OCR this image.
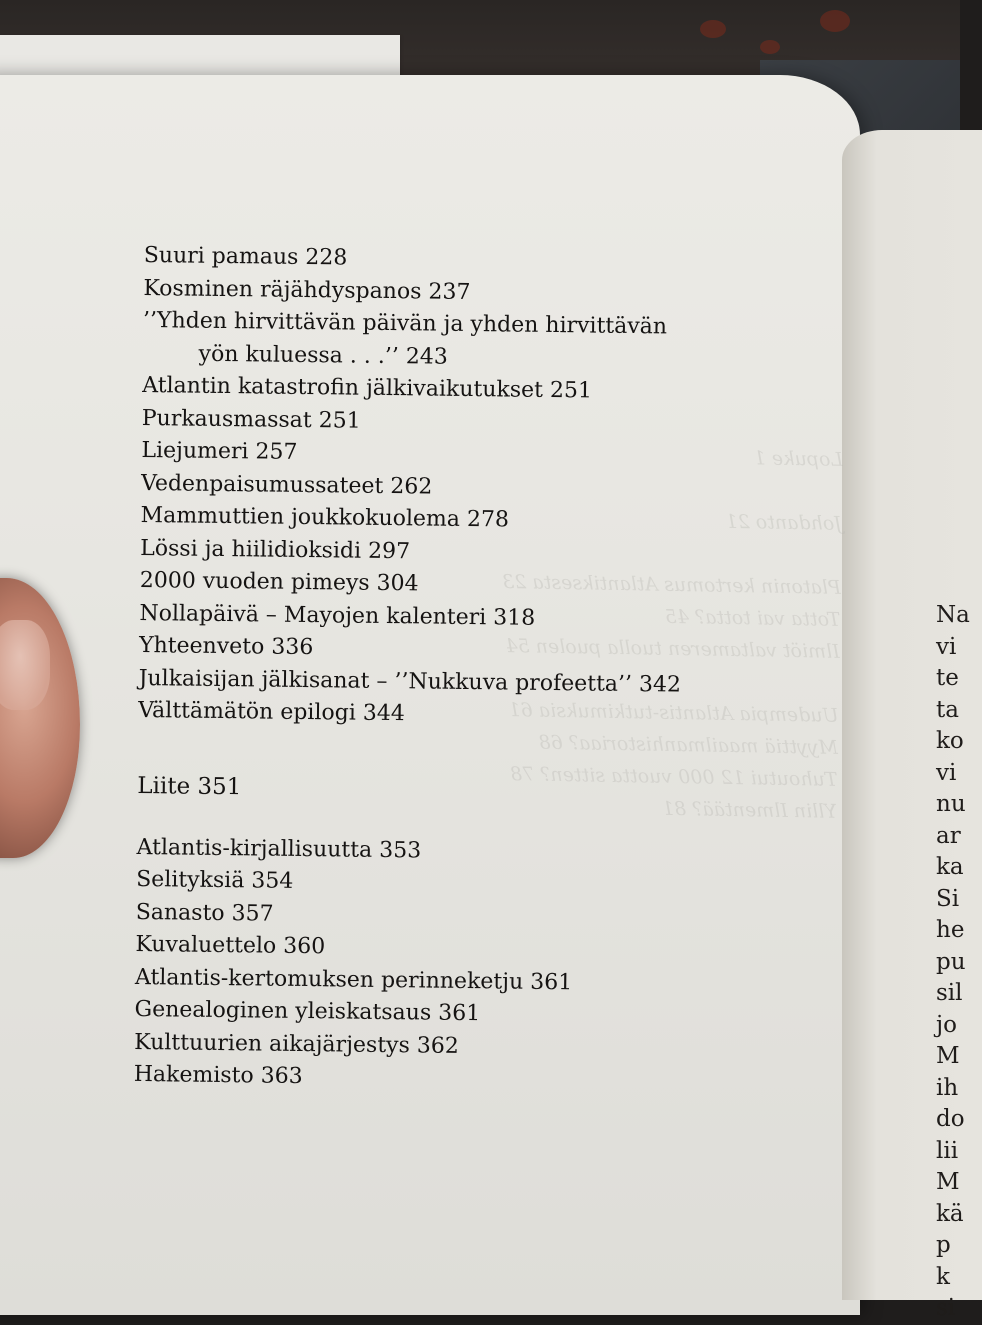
Lopuke 1

Johdanto 21

Platonin kertomus Atlantiksesta 23
Totta vai totta? 45
Ilmiöt valtameren tuolla puolen 54

Uudempia Atlantis-tutkimuksia 61
Myyttiä maailmanhistoriaa? 68
Tuhoutui 12 000 vuotta sitten? 78
Yllin Ilmentää? 81
Na
vi
te
ta
ko
vi
nu
ar
ka
Si
he
pu
sil
jo
M
ih
do
lii
M
kä
p
k
si
Suuri pamaus 228
Kosminen räjähdyspanos 237
’’Yhden hirvittävän päivän ja yhden hirvittävän
yön kuluessa . . .’’ 243
Atlantin katastrofin jälkivaikutukset 251
Purkausmassat 251
Liejumeri 257
Vedenpaisumussateet 262
Mammuttien joukkokuolema 278
Lössi ja hiilidioksidi 297
2000 vuoden pimeys 304
Nollapäivä – Mayojen kalenteri 318
Yhteenveto 336
Julkaisijan jälkisanat – ’’Nukkuva profeetta’’ 342
Välttämätön epilogi 344
Liite 351
Atlantis-kirjallisuutta 353
Selityksiä 354
Sanasto 357
Kuvaluettelo 360
Atlantis-kertomuksen perinneketju 361
Genealoginen yleiskatsaus 361
Kulttuurien aikajärjestys 362
Hakemisto 363
